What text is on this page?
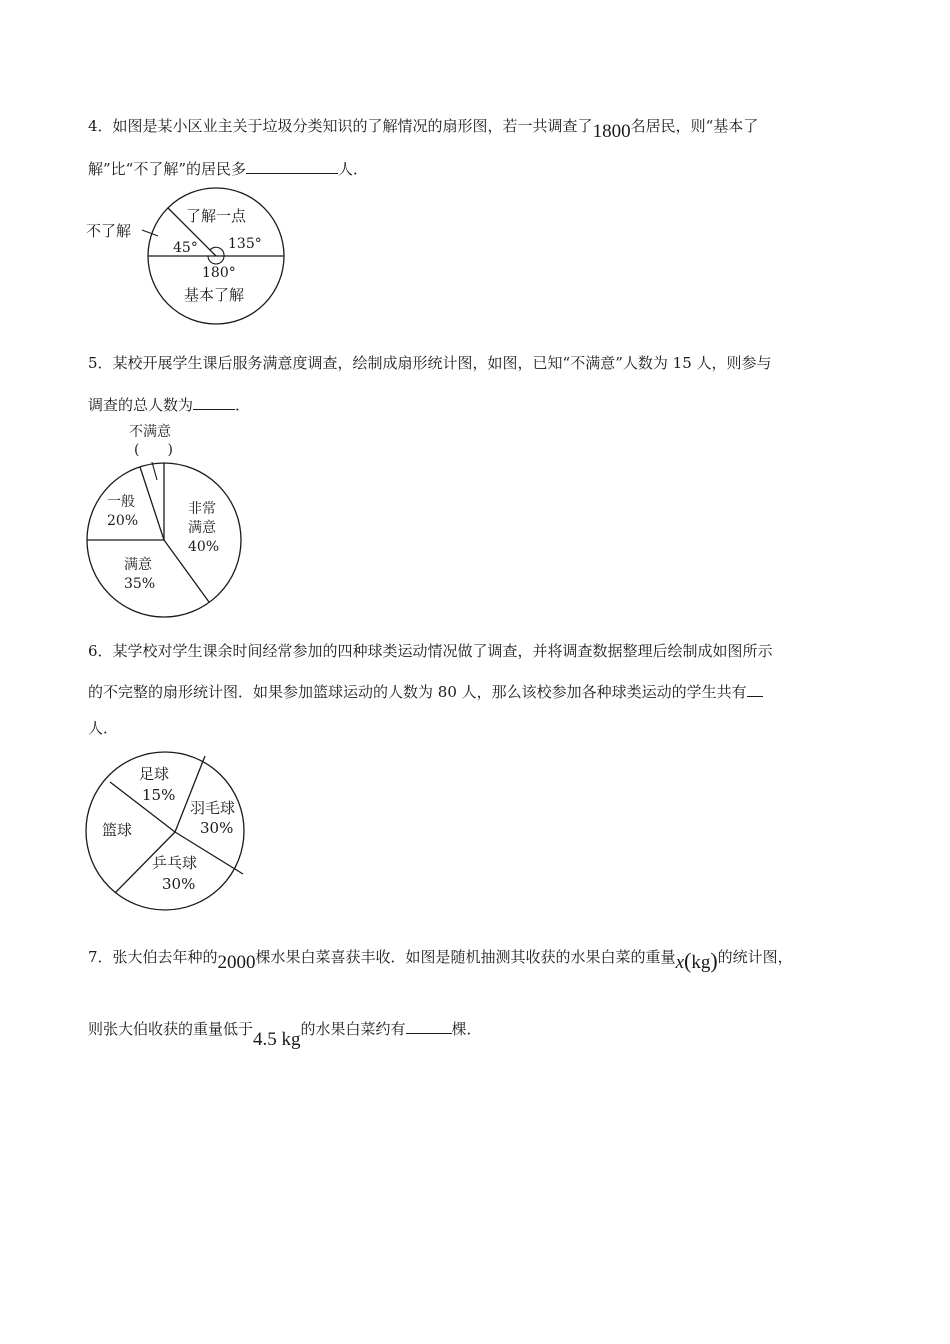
4．如图是某小区业主关于垃圾分类知识的了解情况的扇形图，若一共调查了1800名居民，则“基本了
解”比“不了解”的居民多	人．
不了解
了解一点
45° 135°
180°
基本了解
5．某校开展学生课后服务满意度调查，绘制成扇形统计图，如图，已知“不满意”人数为 15 人，则参与
调查的总人数为	．
不满意
(　　)
非常
满意
40%
一般
20%
满意
35%
6．某学校对学生课余时间经常参加的四种球类运动情况做了调查，并将调查数据整理后绘制成如图所示
的不完整的扇形统计图．如果参加篮球运动的人数为 80 人，那么该校参加各种球类运动的学生共有
人．
足球
15%
羽毛球
30%
篮球
乒乓球
30%
7．张大伯去年种的2000棵水果白菜喜获丰收．如图是随机抽测其收获的水果白菜的重量x(kg)的统计图，
则张大伯收获的重量低于4.5 kg的水果白菜约有	棵．
